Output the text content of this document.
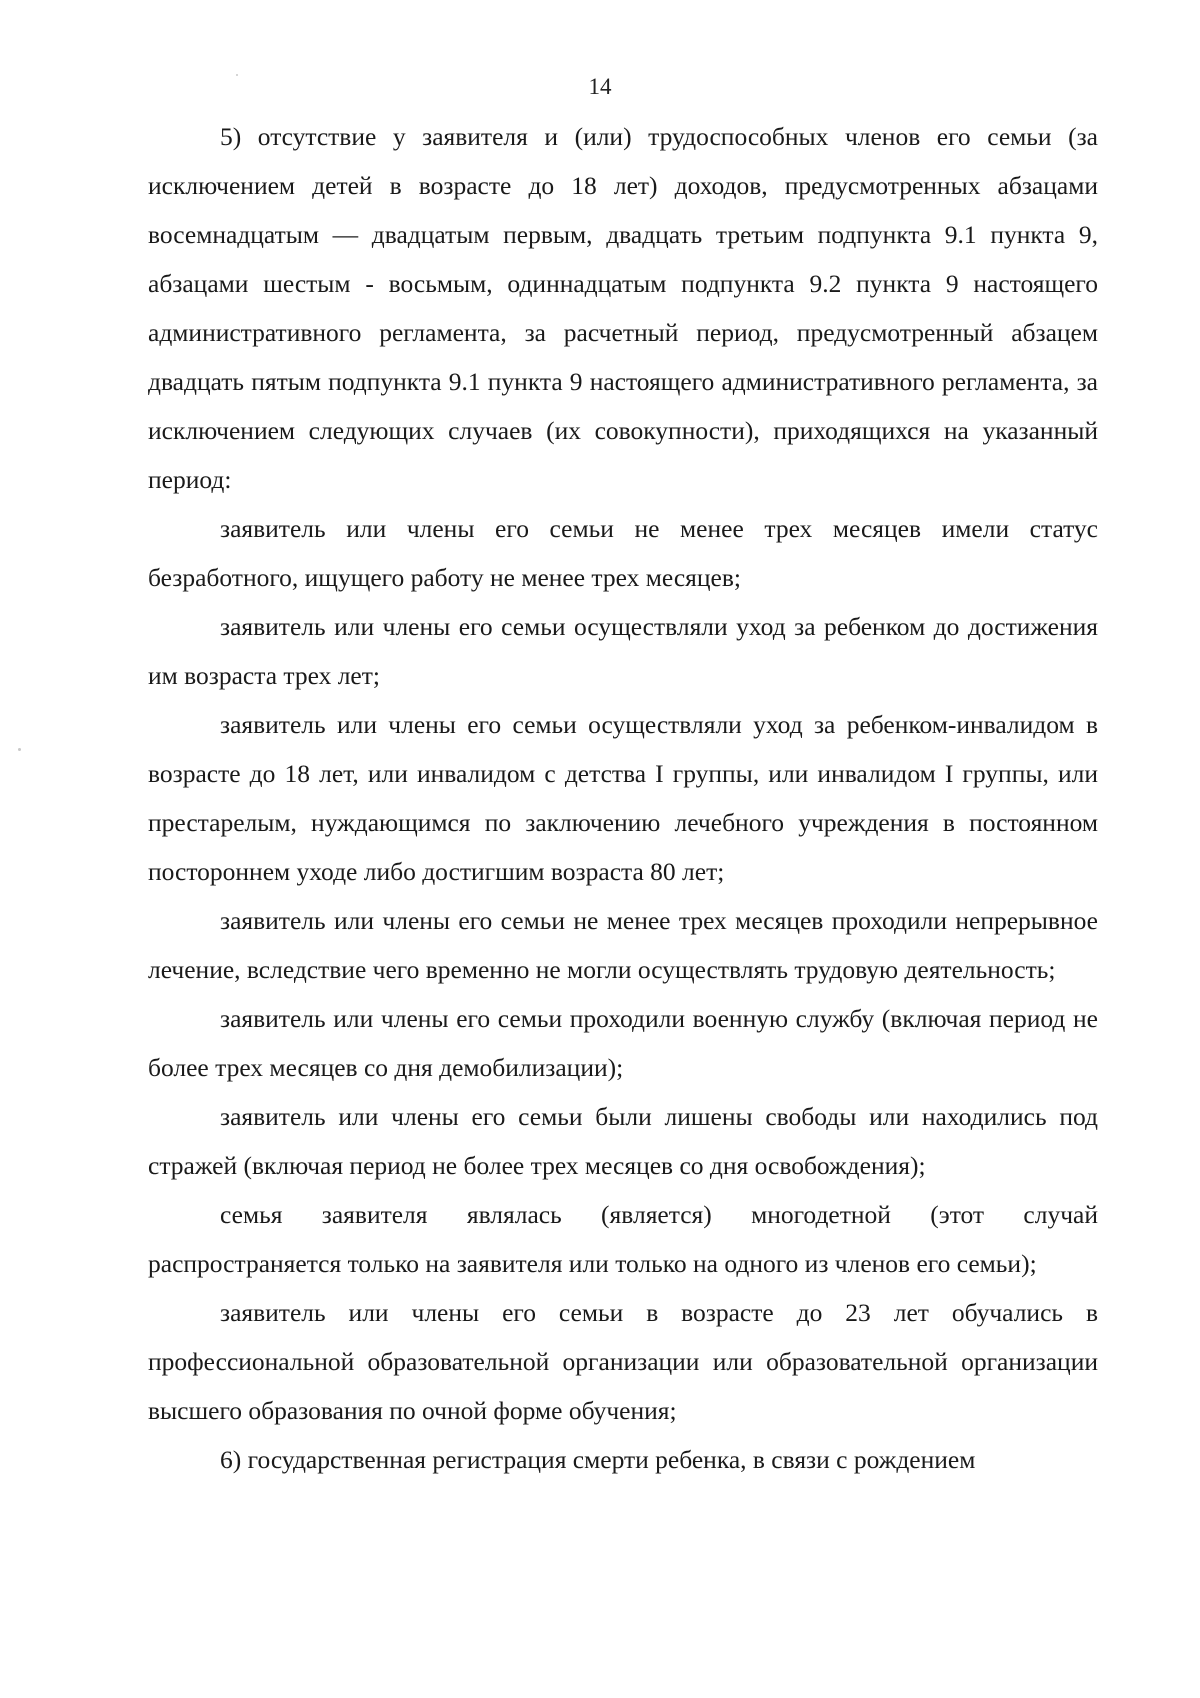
14

5) отсутствие у заявителя и (или) трудоспособных членов его семьи (за исключением детей в возрасте до 18 лет) доходов, предусмотренных абзацами восемнадцатым — двадцатым первым, двадцать третьим подпункта 9.1 пункта 9, абзацами шестым - восьмым, одиннадцатым подпункта 9.2 пункта 9 настоящего административного регламента, за расчетный период, предусмотренный абзацем двадцать пятым подпункта 9.1 пункта 9 настоящего административного регламента, за исключением следующих случаев (их совокупности), приходящихся на указанный период:

заявитель или члены его семьи не менее трех месяцев имели статус безработного, ищущего работу не менее трех месяцев;

заявитель или члены его семьи осуществляли уход за ребенком до достижения им возраста трех лет;

заявитель или члены его семьи осуществляли уход за ребенком-инвалидом в возрасте до 18 лет, или инвалидом с детства I группы, или инвалидом I группы, или престарелым, нуждающимся по заключению лечебного учреждения в постоянном постороннем уходе либо достигшим возраста 80 лет;

заявитель или члены его семьи не менее трех месяцев проходили непрерывное лечение, вследствие чего временно не могли осуществлять трудовую деятельность;

заявитель или члены его семьи проходили военную службу (включая период не более трех месяцев со дня демобилизации);

заявитель или члены его семьи были лишены свободы или находились под стражей (включая период не более трех месяцев со дня освобождения);

семья заявителя являлась (является) многодетной (этот случай распространяется только на заявителя или только на одного из членов его семьи);

заявитель или члены его семьи в возрасте до 23 лет обучались в профессиональной образовательной организации или образовательной организации высшего образования по очной форме обучения;

6) государственная регистрация смерти ребенка, в связи с рождением
